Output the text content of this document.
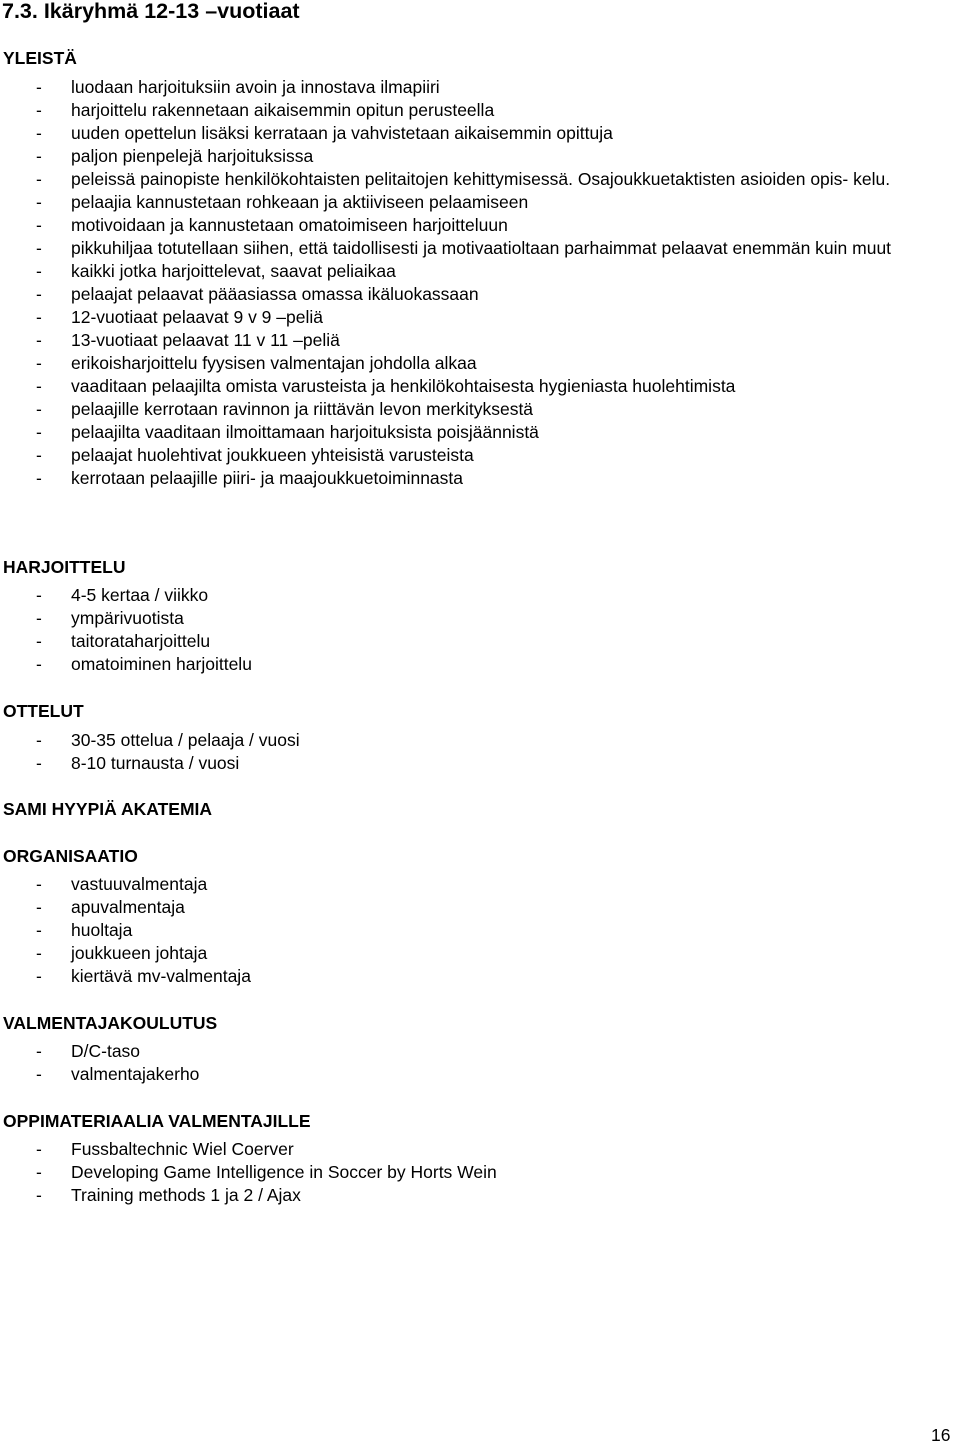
7.3. Ikäryhmä 12-13 –vuotiaat
YLEISTÄ
- luodaan harjoituksiin avoin ja innostava ilmapiiri
- harjoittelu rakennetaan aikaisemmin opitun perusteella
- uuden opettelun lisäksi kerrataan ja vahvistetaan aikaisemmin opittuja
- paljon pienpelejä harjoituksissa
- peleissä painopiste henkilökohtaisten pelitaitojen kehittymisessä. Osajoukkuetaktisten asioiden opis- kelu.
- pelaajia kannustetaan rohkeaan ja aktiiviseen pelaamiseen
- motivoidaan ja kannustetaan omatoimiseen harjoitteluun
- pikkuhiljaa totutellaan siihen, että taidollisesti ja motivaatioltaan parhaimmat pelaavat enemmän kuin muut
- kaikki jotka harjoittelevat, saavat peliaikaa
- pelaajat pelaavat pääasiassa omassa ikäluokassaan
- 12-vuotiaat pelaavat 9 v 9 –peliä
- 13-vuotiaat pelaavat 11 v 11 –peliä
- erikoisharjoittelu fyysisen valmentajan johdolla alkaa
- vaaditaan pelaajilta omista varusteista ja henkilökohtaisesta hygieniasta huolehtimista
- pelaajille kerrotaan ravinnon ja riittävän levon merkityksestä
- pelaajilta vaaditaan ilmoittamaan harjoituksista poisjäännistä
- pelaajat huolehtivat joukkueen yhteisistä varusteista
- kerrotaan pelaajille piiri- ja maajoukkuetoiminnasta
HARJOITTELU
- 4-5 kertaa / viikko
- ympärivuotista
- taitorataharjoittelu
- omatoiminen harjoittelu
OTTELUT
- 30-35 ottelua / pelaaja / vuosi
- 8-10 turnausta / vuosi
SAMI HYYPIÄ AKATEMIA
ORGANISAATIO
- vastuuvalmentaja
- apuvalmentaja
- huoltaja
- joukkueen johtaja
- kiertävä mv-valmentaja
VALMENTAJAKOULUTUS
- D/C-taso
- valmentajakerho
OPPIMATERIAALIA VALMENTAJILLE
- Fussbaltechnic Wiel Coerver
- Developing Game Intelligence in Soccer by Horts Wein
- Training methods 1 ja 2 / Ajax
16
